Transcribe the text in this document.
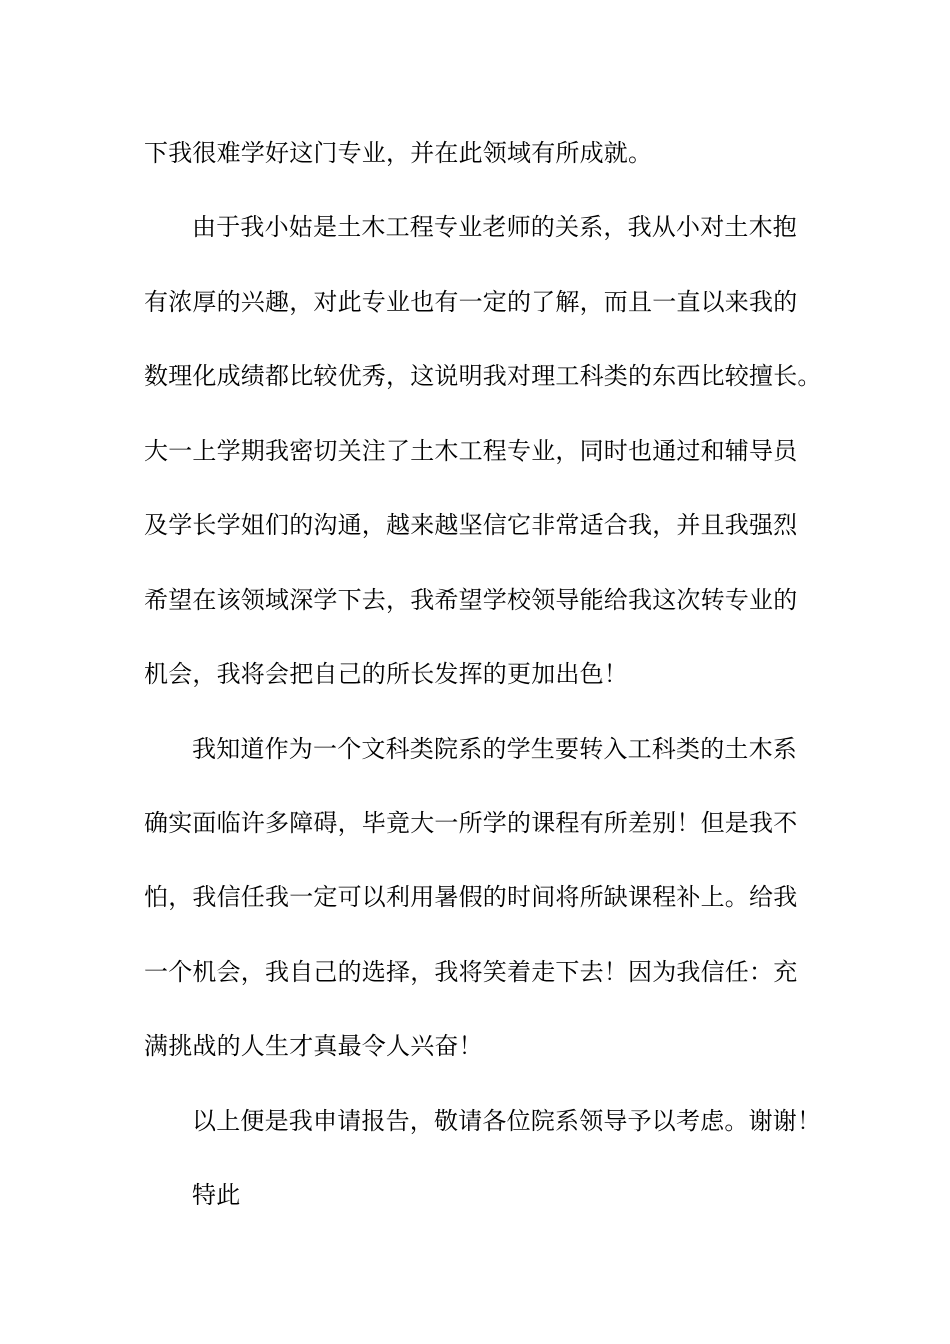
下我很难学好这门专业，并在此领域有所成就。
由于我小姑是土木工程专业老师的关系，我从小对土木抱
有浓厚的兴趣，对此专业也有一定的了解，而且一直以来我的
数理化成绩都比较优秀，这说明我对理工科类的东西比较擅长。
大一上学期我密切关注了土木工程专业，同时也通过和辅导员
及学长学姐们的沟通，越来越坚信它非常适合我，并且我强烈
希望在该领域深学下去，我希望学校领导能给我这次转专业的
机会，我将会把自己的所长发挥的更加出色！
我知道作为一个文科类院系的学生要转入工科类的土木系
确实面临许多障碍，毕竟大一所学的课程有所差别！但是我不
怕，我信任我一定可以利用暑假的时间将所缺课程补上。给我
一个机会，我自己的选择，我将笑着走下去！因为我信任：充
满挑战的人生才真最令人兴奋！
以上便是我申请报告，敬请各位院系领导予以考虑。谢谢！
特此
